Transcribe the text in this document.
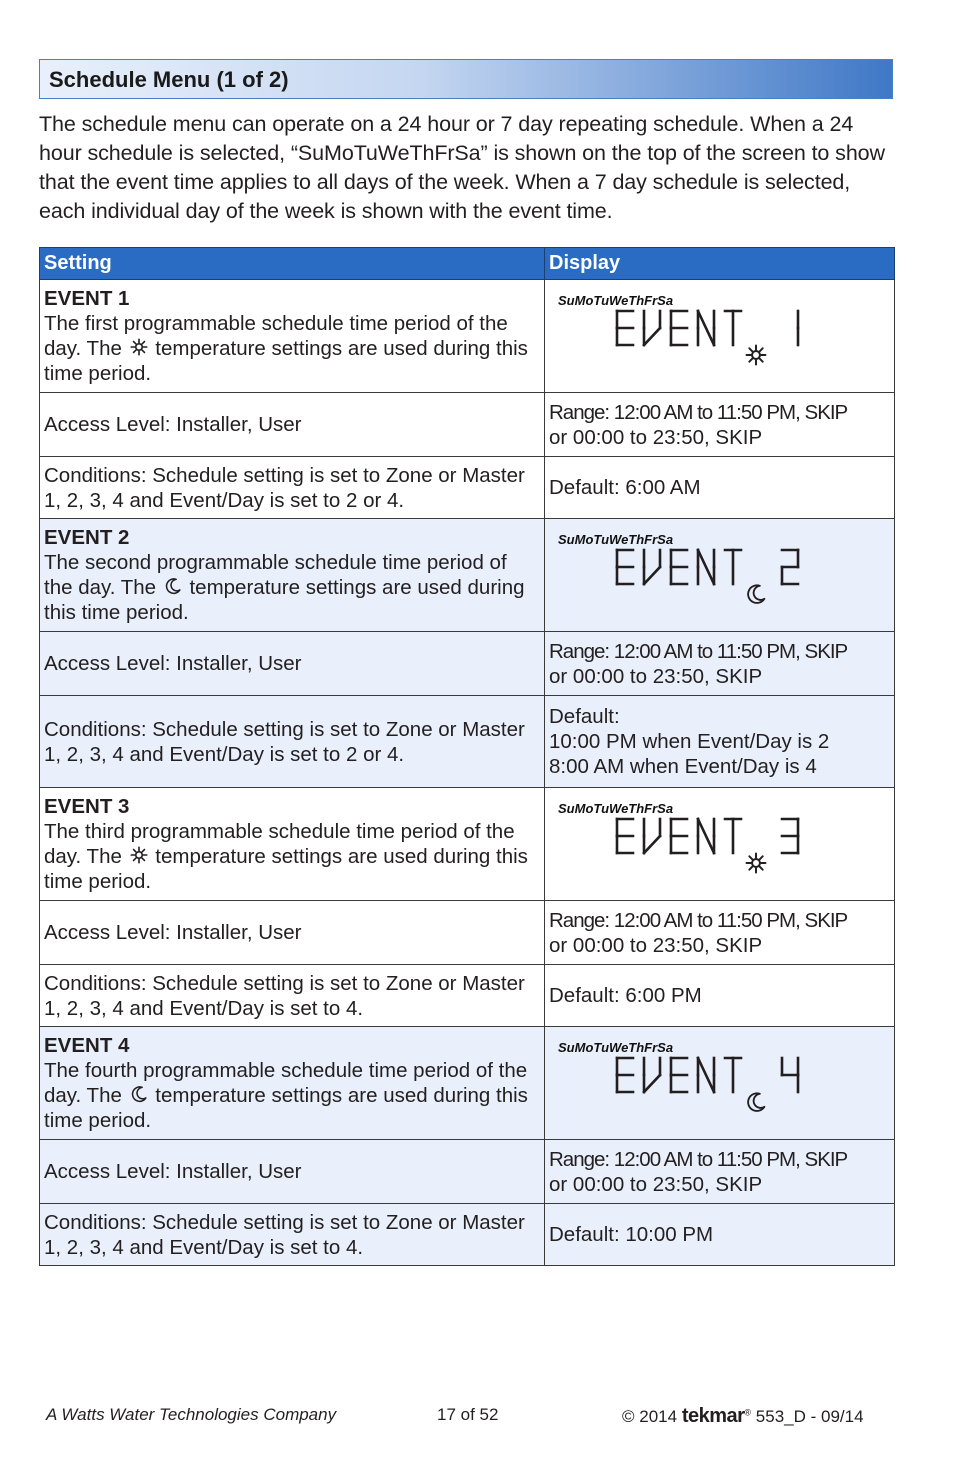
Schedule Menu (1 of 2)

The schedule menu can operate on a 24 hour or 7 day repeating schedule. When a 24 hour schedule is selected, “SuMoTuWeThFrSa” is shown on the top of the screen to show that the event time applies to all days of the week. When a 7 day schedule is selected, each individual day of the week is shown with the event time.

Setting	Display

EVENT 1
The first programmable schedule time period of the day. The temperature settings are used during this time period.	SuMoTuWeThFrSa

Access Level: Installer, User	Range: 12:00 AM to 11:50 PM, SKIP
or 00:00 to 23:50, SKIP

Conditions: Schedule setting is set to Zone or Master 1, 2, 3, 4 and Event/Day is set to 2 or 4.	Default: 6:00 AM

EVENT 2
The second programmable schedule time period of the day. The temperature settings are used during this time period.	SuMoTuWeThFrSa

Access Level: Installer, User	Range: 12:00 AM to 11:50 PM, SKIP
or 00:00 to 23:50, SKIP

Conditions: Schedule setting is set to Zone or Master 1, 2, 3, 4 and Event/Day is set to 2 or 4.	Default:
10:00 PM when Event/Day is 2
8:00 AM when Event/Day is 4

EVENT 3
The third programmable schedule time period of the day. The temperature settings are used during this time period.	SuMoTuWeThFrSa

Access Level: Installer, User	Range: 12:00 AM to 11:50 PM, SKIP
or 00:00 to 23:50, SKIP

Conditions: Schedule setting is set to Zone or Master 1, 2, 3, 4 and Event/Day is set to 4.	Default: 6:00 PM

EVENT 4
The fourth programmable schedule time period of the day. The temperature settings are used during this time period.	SuMoTuWeThFrSa

Access Level: Installer, User	Range: 12:00 AM to 11:50 PM, SKIP
or 00:00 to 23:50, SKIP

Conditions: Schedule setting is set to Zone or Master 1, 2, 3, 4 and Event/Day is set to 4.	Default: 10:00 PM
A Watts Water Technologies Company	17 of 52	© 2014 tekmar® 553_D - 09/14
